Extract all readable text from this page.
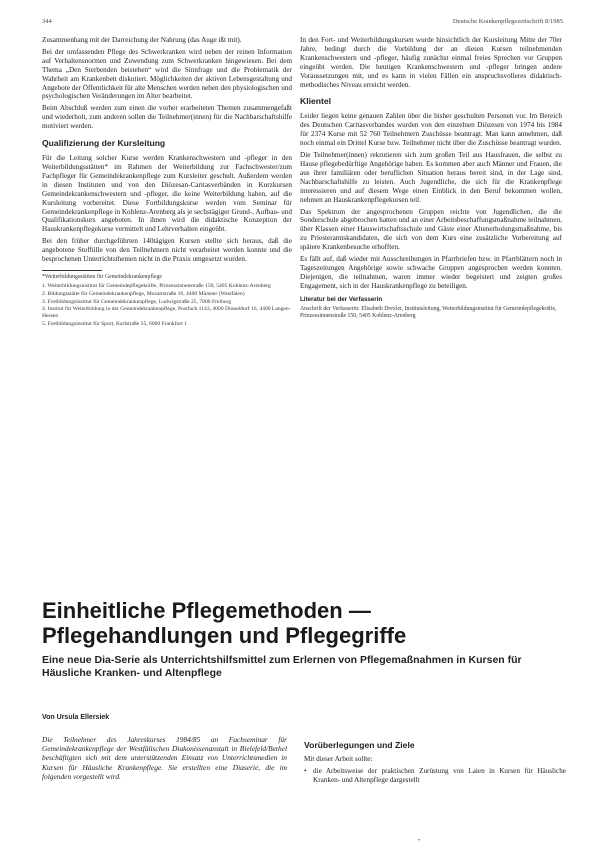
344	Deutsche Krankenpflegezeitschrift 8/1985

Zusammenhang mit der Darreichung der Nahrung (das Auge ißt mit).

Bei der umfassenden Pflege des Schwerkranken wird neben der reinen Information auf Verhaltensnormen und Zuwendung zum Schwerkranken hingewiesen. Bei dem Thema „Den Sterbenden beistehen“ wird die Sinnfrage und die Problematik der Wahrheit am Krankenbett diskutiert. Möglichkeiten der aktiven Lebensgestaltung und Angebote der Öffentlichkeit für alte Menschen werden neben den physiologischen und psychologischen Veränderungen im Alter bearbeitet.

Beim Abschluß werden zum einen die vorher erarbeiteten Themen zusammengefaßt und wiederholt, zum anderen sollen die Teilnehmer(innen) für die Nachbarschaftshilfe motiviert werden.

Qualifizierung der Kursleitung

Für die Leitung solcher Kurse werden Krankenschwestern und -pfleger in den Weiterbildungsstätten* im Rahmen der Weiterbildung zur Fachschwester/zum Fachpfleger für Gemeindekrankenpflege zum Kursleiter geschult. Außerdem werden in diesen Instituten und von den Diözesan-Caritasverbänden in Kurzkursen Gemeindekrankenschwestern und -pfleger, die keine Weiterbildung haben, auf die Kursleitung vorbereitet. Diese Fortbildungskurse werden vom Seminar für Gemeindekrankenpflege in Koblenz-Arenberg als je sechstägiger Grund-, Aufbau- und Qualifikationskurs angeboten. In ihnen wird die didaktische Konzeption der Hauskrankenpflegekurse vermittelt und Lehrverhalten eingeübt.

Bei den früher durchgeführten 140tägigen Kursen stellte sich heraus, daß die angebotene Stoffülle von den Teilnehmern nicht verarbeitet werden konnte und die besprochenen Unterrichtsthemen nicht in die Praxis umgesetzt wurden.

*Weiterbildungsstätten für Gemeindekrankenpflege

1. Weiterbildungsinstitut für Gemeindepflegekräfte, Prinzessinnenstraße 150, 5405 Koblenz-Arenberg

2. Bildungsstätte für Gemeindekrankenpflege, Mozartstraße 16, 4400 Münster (Westfalen)

3. Fortbildungsinstitut für Gemeindekrankenpflege, Ludwigstraße 25, 7800 Freiburg

4. Institut für Weiterbildung in der Gemeindekrankenpflege, Postfach 1143, 4000 Düsseldorf 16, 4400 Langen-Hessen

5. Fortbildungsinstitut für Sport, Karlstraße 35, 6000 Frankfurt 1

In den Fort- und Weiterbildungskursen wurde hinsichtlich der Kursleitung Mitte der 70er Jahre, bedingt durch die Vorbildung der an diesen Kursen teilnehmenden Krankenschwestern und -pfleger, häufig zunächst einmal freies Sprechen vor Gruppen eingeübt werden. Die heutigen Krankenschwestern und -pfleger bringen andere Voraussetzungen mit, und es kann in vielen Fällen ein anspruchsvolleres didaktisch-methodisches Niveau erreicht werden.

Klientel

Leider liegen keine genauen Zahlen über die bisher geschulten Personen vor. Im Bereich des Deutschen Caritasverbandes wurden von den einzelnen Diözesen von 1974 bis 1984 für 2374 Kurse mit 52 760 Teilnehmern Zuschüsse beantragt. Man kann annehmen, daß noch einmal ein Drittel Kurse bzw. Teilnehmer nicht über die Zuschüsse beantragt wurden.

Die Teilnehmer(innen) rekrutieren sich zum großen Teil aus Hausfrauen, die selbst zu Hause pflegebedürftige Angehörige haben. Es kommen aber auch Männer und Frauen, die aus ihrer familiären oder beruflichen Situation heraus bereit sind, in der Lage sind, Nachbarschaftshilfe zu leisten. Auch Jugendliche, die sich für die Krankenpflege interessieren und auf diesem Wege einen Einblick in den Beruf bekommen wollen, nehmen an Hauskrankenpflegekursen teil.

Das Spektrum der angesprochenen Gruppen reichte von Jugendlichen, die die Sonderschule abgebrochen hatten und an einer Arbeitsbeschaffungsmaßnahme teilnahmen, über Klassen einer Hauswirtschaftsschule und Gäste einer Altenerholungsmaßnahme, bis zu Priesteramtskandidaten, die sich von dem Kurs eine zusätzliche Vorbereitung auf spätere Krankenbesuche erhofften.

Es fällt auf, daß wieder mit Ausschreibungen in Pfarrbriefen bzw. in Pfarrblättern noch in Tageszeitungen Angehörige sowie schwache Gruppen angesprochen werden konnten. Diejenigen, die teilnahmen, waren immer wieder begeistert und zeigten großes Engagement, sich in der Hauskrankenpflege zu beteiligen.

Literatur bei der Verfasserin

Anschrift der Verfasserin: Elisabeth Drexler, Institutsleitung, Weiterbildungsinstitut für Gemeindepflegekräfte, Prinzessinnenstraße 150, 5405 Koblenz-Arenberg

Einheitliche Pflegemethoden — Pflegehandlungen und Pflegegriffe
Eine neue Dia-Serie als Unterrichtshilfsmittel zum Erlernen von Pflegemaßnahmen in Kursen für Häusliche Kranken- und Altenpflege
Von Ursula Ellersiek

Die Teilnehmer des Jahreskurses 1984/85 an Fachseminar für Gemeindekrankenpflege der Westfälischen Diakonissenanstalt in Bielefeld/Bethel beschäftigten sich mit dem unterstützenden Einsatz von Unterrichtsmedien in Kursen für Häusliche Krankenpflege. Sie erstellten eine Diaserie, die im folgenden vorgestellt wird.

Vorüberlegungen und Ziele

Mit dieser Arbeit sollte:

• die Arbeitsweise der praktischen Zurüstung von Laien in Kursen für Häusliche Kranken- und Altenpflege dargestellt
•
